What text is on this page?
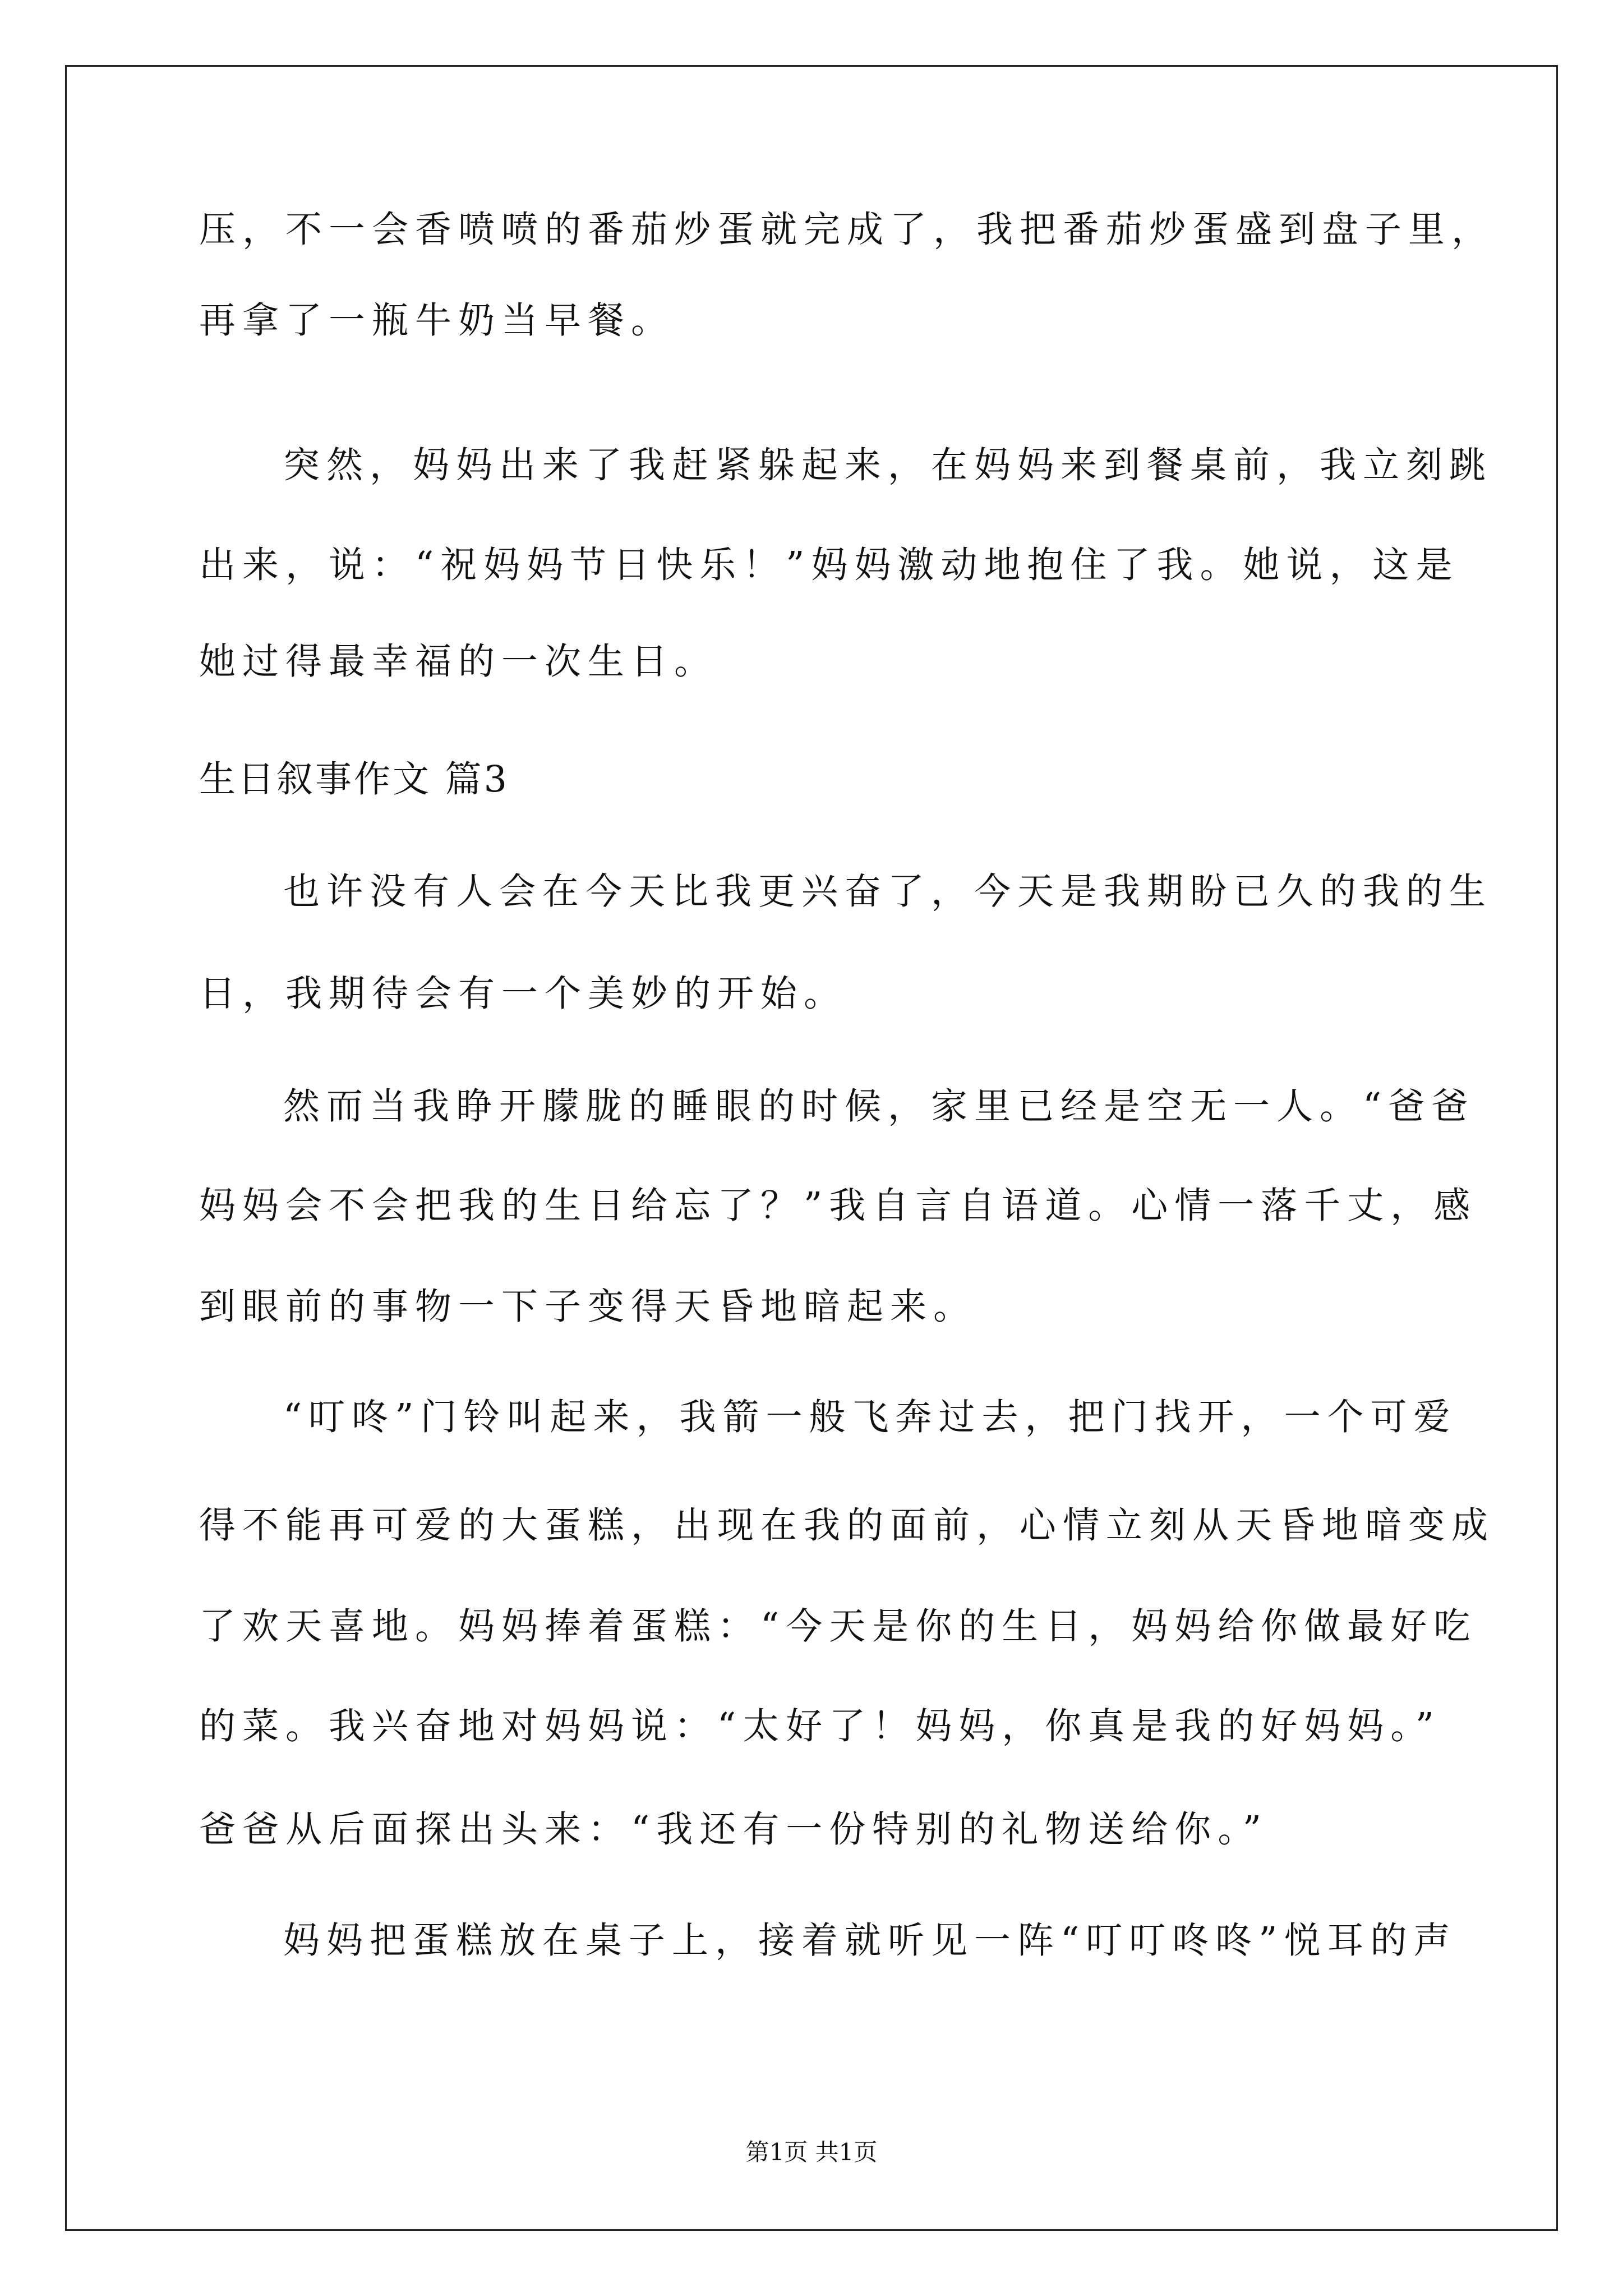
压，不一会香喷喷的番茄炒蛋就完成了，我把番茄炒蛋盛到盘子里，
再拿了一瓶牛奶当早餐。
突然，妈妈出来了我赶紧躲起来，在妈妈来到餐桌前，我立刻跳
出来，说：“祝妈妈节日快乐！”妈妈激动地抱住了我。她说，这是
她过得最幸福的一次生日。
生日叙事作文 篇3
也许没有人会在今天比我更兴奋了，今天是我期盼已久的我的生
日，我期待会有一个美妙的开始。
然而当我睁开朦胧的睡眼的时候，家里已经是空无一人。“爸爸
妈妈会不会把我的生日给忘了？”我自言自语道。心情一落千丈，感
到眼前的事物一下子变得天昏地暗起来。
“叮咚”门铃叫起来，我箭一般飞奔过去，把门找开，一个可爱
得不能再可爱的大蛋糕，出现在我的面前，心情立刻从天昏地暗变成
了欢天喜地。妈妈捧着蛋糕：“今天是你的生日，妈妈给你做最好吃
的菜。我兴奋地对妈妈说：“太好了！妈妈，你真是我的好妈妈。”
爸爸从后面探出头来：“我还有一份特别的礼物送给你。”
妈妈把蛋糕放在桌子上，接着就听见一阵“叮叮咚咚”悦耳的声
第1页 共1页
